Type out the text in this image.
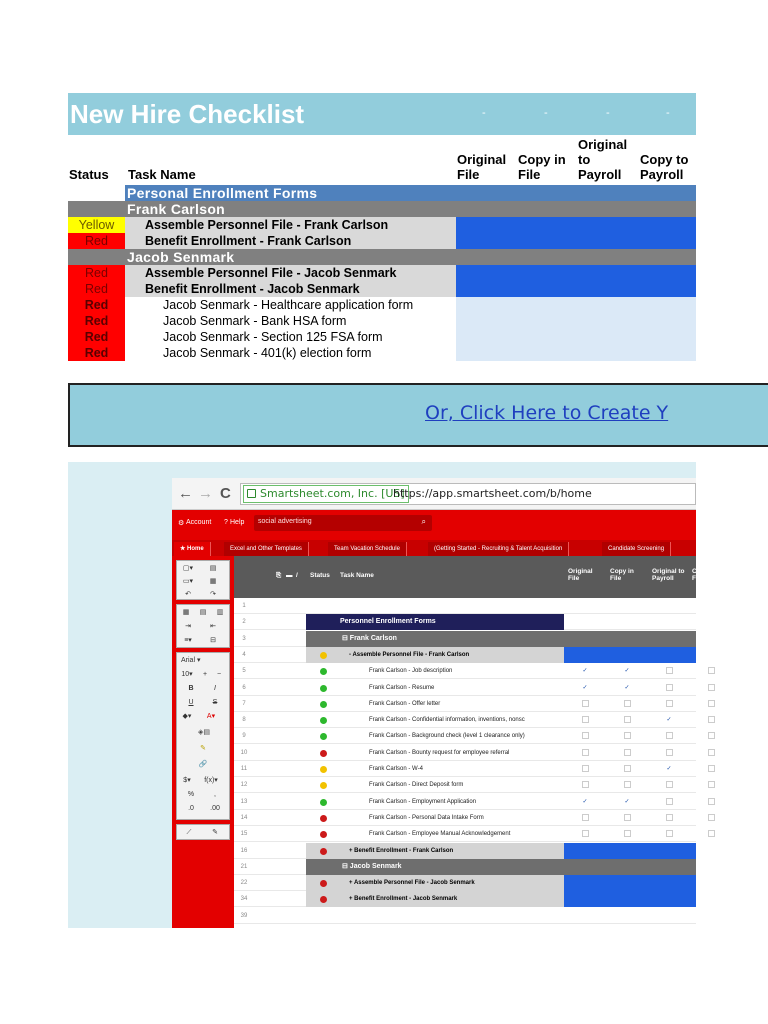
New Hire Checklist	-	-	-	-
Status Task Name
Original File
Copy in File
Original to Payroll
Copy to Payroll
Personal Enrollment Forms
Frank Carlson
Yellow	Assemble Personnel File - Frank Carlson
Red	Benefit Enrollment - Frank Carlson
Jacob Senmark
Red	Assemble Personnel File - Jacob Senmark
Red	Benefit Enrollment - Jacob Senmark
Red	Jacob Senmark - Healthcare application form
Red	Jacob Senmark - Bank HSA form
Red	Jacob Senmark - Section 125 FSA form
Red	Jacob Senmark - 401(k) election form
Or, Click Here to Create Y
← → C	Smartsheet.com, Inc. [US]
https://app.smartsheet.com/b/home
⚙ Account ? Help social advertising	⌕
★ Home	Excel and Other Templates	Team Vacation Schedule	(Getting Started - Recruiting & Talent Acquisition	Candidate Screening
▢▾	▤
▭▾	▦
↶	↷
▦	▤	▥
⇥	⇤
≡▾	⊟
Arial ▾
10▾	+	−
B	I
U	S
◆▾	A▾
◈▤
✎
🔗
$▾	f(x)▾
%	,
.0	.00
⟋	✎
⎘ ▬ / Status Task Name
Original File
Copy in File
Original to Payroll
C F
1
2	Personnel Enrollment Forms
3	⊟ Frank Carlson
4	- Assemble Personnel File - Frank Carlson
5	Frank Carlson - Job description	✓	✓
6	Frank Carlson - Resume	✓	✓
7	Frank Carlson - Offer letter
8	Frank Carlson - Confidential information, inventions, nonsc	✓
9	Frank Carlson - Background check (level 1 clearance only)
10	Frank Carlson - Bounty request for employee referral
11	Frank Carlson - W-4	✓
12	Frank Carlson - Direct Deposit form
13	Frank Carlson - Employment Application	✓	✓
14	Frank Carlson - Personal Data Intake Form
15	Frank Carlson - Employee Manual Acknowledgement
16	+ Benefit Enrollment - Frank Carlson
21	⊟ Jacob Senmark
22	+ Assemble Personnel File - Jacob Senmark
34	+ Benefit Enrollment - Jacob Senmark
39
